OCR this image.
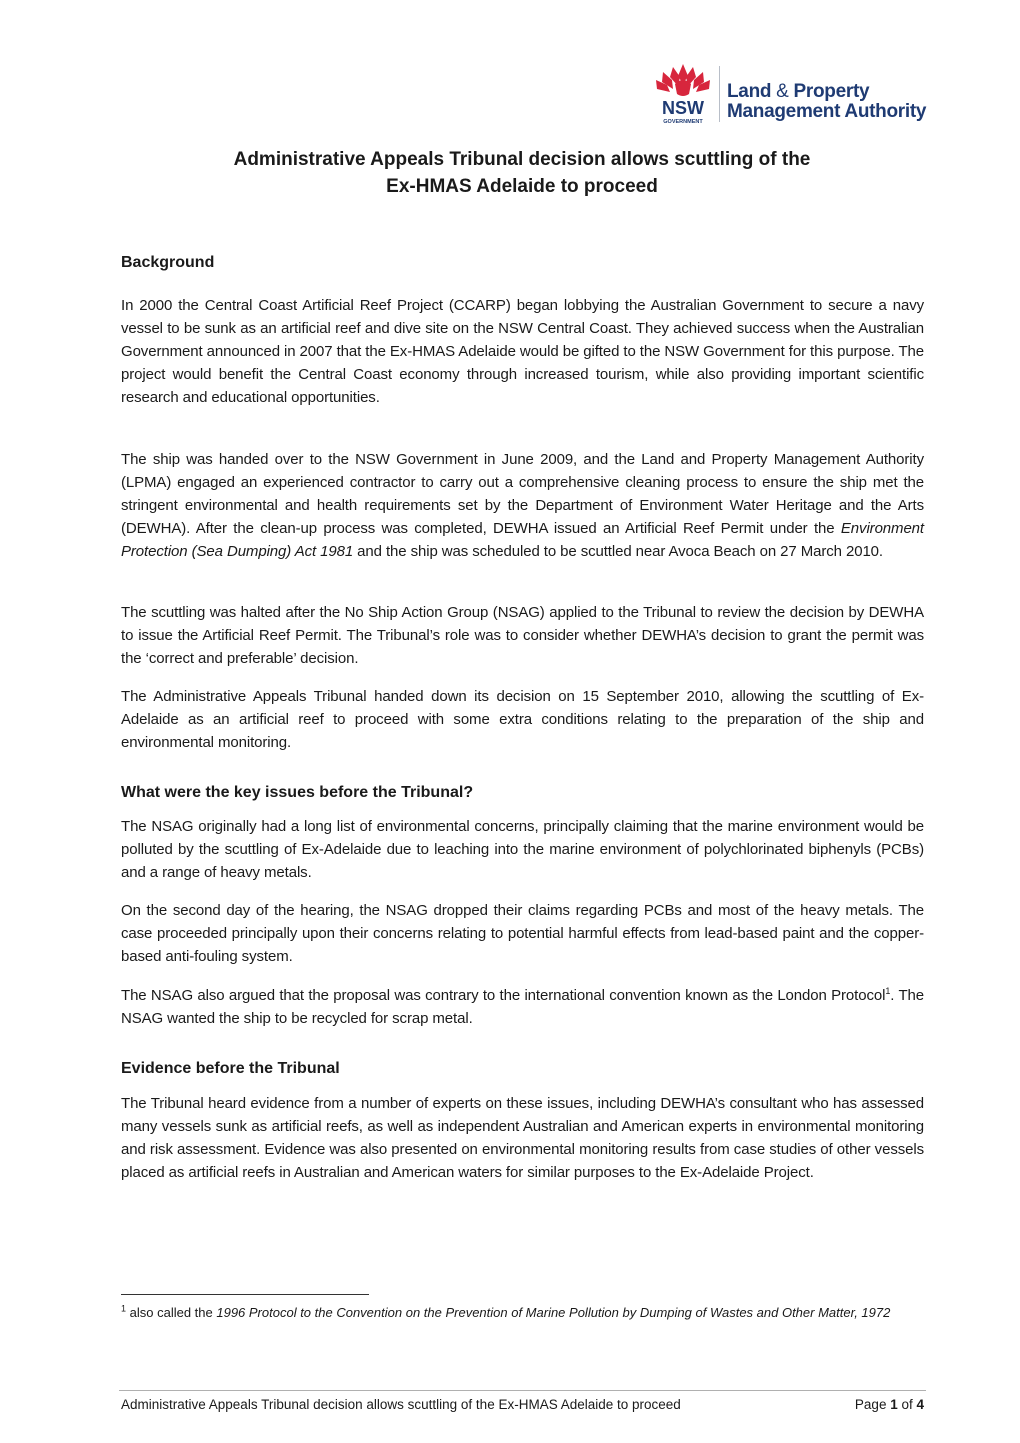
NSW
GOVERNMENT
Land & Property
Management Authority
Administrative Appeals Tribunal decision allows scuttling of the
Ex-HMAS Adelaide to proceed
Background
In 2000 the Central Coast Artificial Reef Project (CCARP) began lobbying the Australian Government to secure a navy vessel to be sunk as an artificial reef and dive site on the NSW Central Coast. They achieved success when the Australian Government announced in 2007 that the Ex-HMAS Adelaide would be gifted to the NSW Government for this purpose. The project would benefit the Central Coast economy through increased tourism, while also providing important scientific research and educational opportunities.
The ship was handed over to the NSW Government in June 2009, and the Land and Property Management Authority (LPMA) engaged an experienced contractor to carry out a comprehensive cleaning process to ensure the ship met the stringent environmental and health requirements set by the Department of Environment Water Heritage and the Arts (DEWHA). After the clean-up process was completed, DEWHA issued an Artificial Reef Permit under the Environment Protection (Sea Dumping) Act 1981 and the ship was scheduled to be scuttled near Avoca Beach on 27 March 2010.
The scuttling was halted after the No Ship Action Group (NSAG) applied to the Tribunal to review the decision by DEWHA to issue the Artificial Reef Permit. The Tribunal’s role was to consider whether DEWHA’s decision to grant the permit was the ‘correct and preferable’ decision.
The Administrative Appeals Tribunal handed down its decision on 15 September 2010, allowing the scuttling of Ex-Adelaide as an artificial reef to proceed with some extra conditions relating to the preparation of the ship and environmental monitoring.
What were the key issues before the Tribunal?
The NSAG originally had a long list of environmental concerns, principally claiming that the marine environment would be polluted by the scuttling of Ex-Adelaide due to leaching into the marine environment of polychlorinated biphenyls (PCBs) and a range of heavy metals.
On the second day of the hearing, the NSAG dropped their claims regarding PCBs and most of the heavy metals. The case proceeded principally upon their concerns relating to potential harmful effects from lead-based paint and the copper-based anti-fouling system.
The NSAG also argued that the proposal was contrary to the international convention known as the London Protocol$^1$. The NSAG wanted the ship to be recycled for scrap metal.
Evidence before the Tribunal
The Tribunal heard evidence from a number of experts on these issues, including DEWHA’s consultant who has assessed many vessels sunk as artificial reefs, as well as independent Australian and American experts in environmental monitoring and risk assessment. Evidence was also presented on environmental monitoring results from case studies of other vessels placed as artificial reefs in Australian and American waters for similar purposes to the Ex-Adelaide Project.
$^1$ also called the 1996 Protocol to the Convention on the Prevention of Marine Pollution by Dumping of Wastes and Other Matter, 1972
Administrative Appeals Tribunal decision allows scuttling of the Ex-HMAS Adelaide to proceed	Page 1 of 4
